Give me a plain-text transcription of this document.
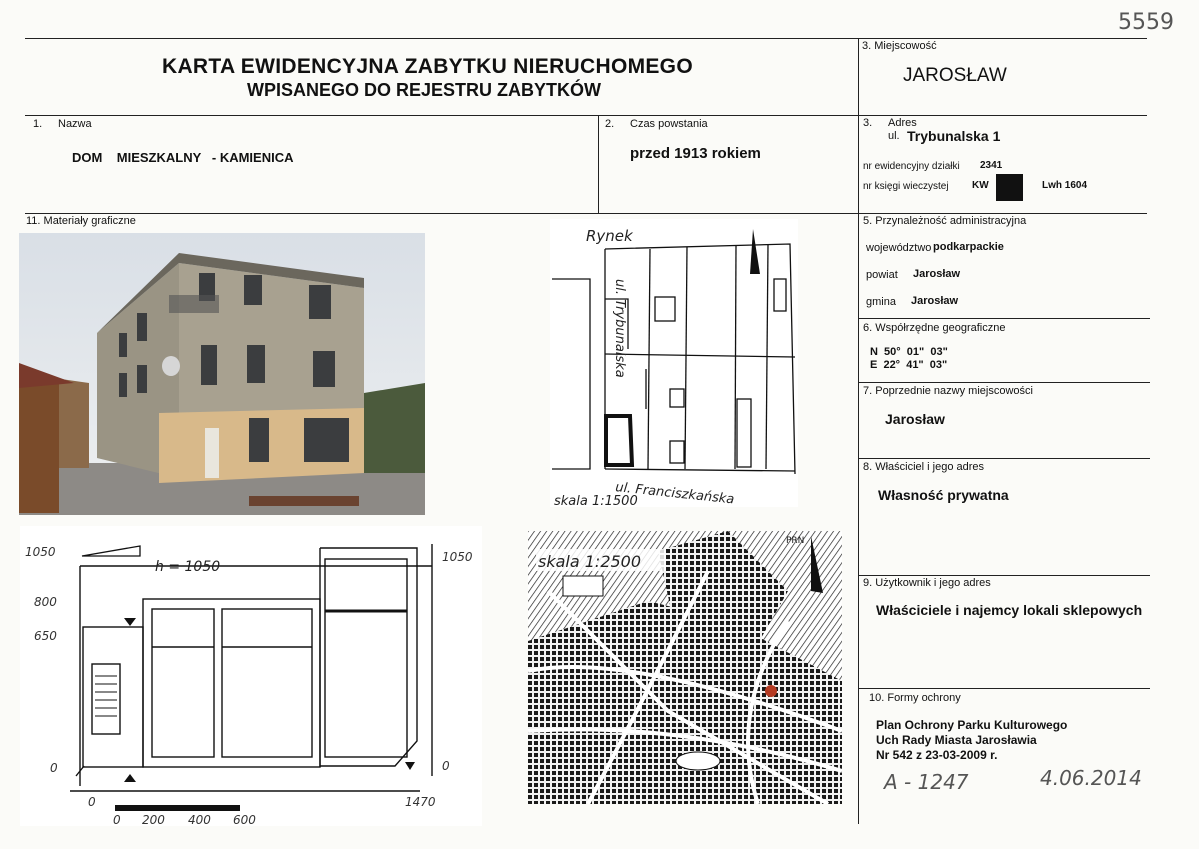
5559
KARTA EWIDENCYJNA ZABYTKU NIERUCHOMEGO
WPISANEGO DO REJESTRU ZABYTKÓW
3. Miejscowość
JAROSŁAW
1. Nazwa
DOM    MIESZKALNY   - KAMIENICA
2. Czas powstania
przed 1913 rokiem
3. Adres
ul. Trybunalska 1
nr ewidencyjny działki 2341
nr księgi wieczystej KW	Lwh 1604
11. Materiały graficzne	5. Przynależność administracyjna
województwo podkarpackie
powiat Jarosław
gmina Jarosław
6. Współrzędne geograficzne
N  50°  01"  03"
E  22°  41"  03"
7. Poprzednie nazwy miejscowości
Jarosław
8. Właściciel i jego adres
Własność prywatna
9. Użytkownik i jego adres
Właściciele i najemcy lokali sklepowych
10. Formy ochrony
Plan Ochrony Parku Kulturowego
Uch Rady Miasta Jarosławia
Nr 542 z 23-03-2009 r.
A - 1247	4.06.2014
Rynek
ul. Trybunalska
ul. Franciszkańska
skala 1:1500
h = 1050
1050
800
650
0
1050
0
0	1470
0 200 400 600
skala 1:2500
PRN
